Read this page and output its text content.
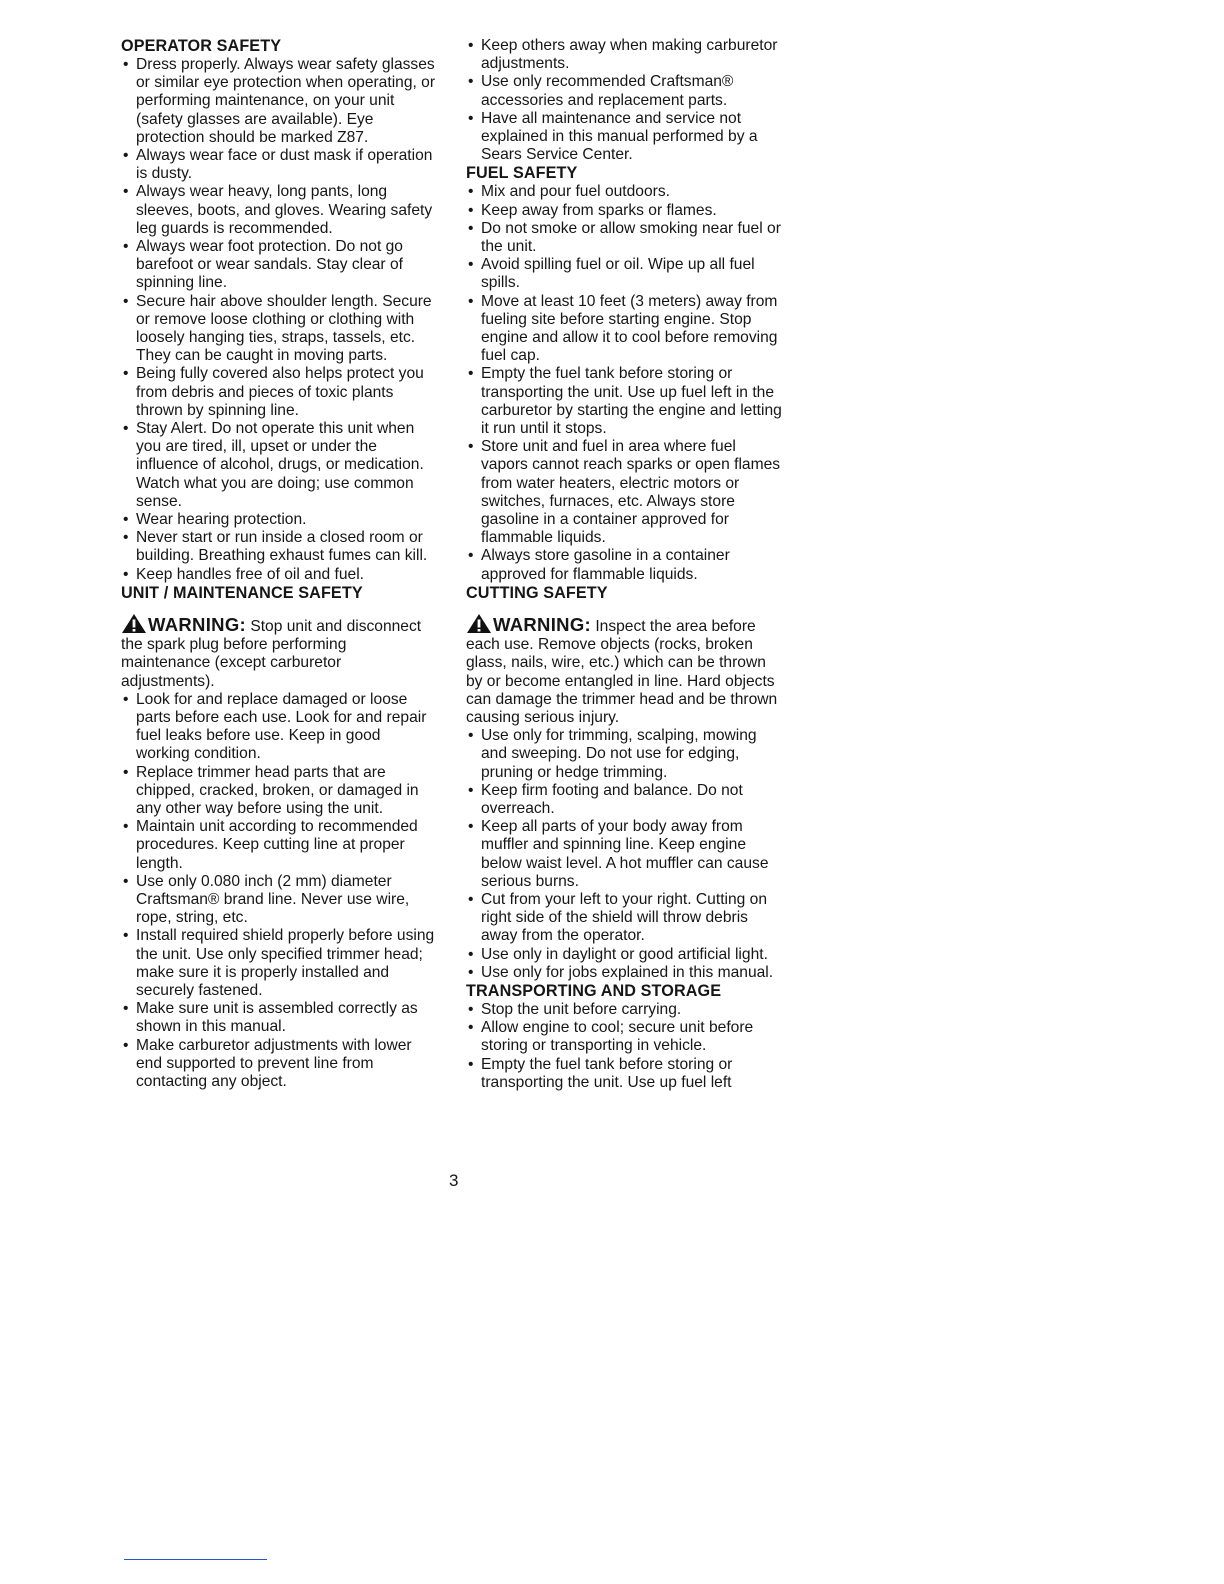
OPERATOR SAFETY
• Dress properly. Always wear safety glasses or similar eye protection when operating, or performing maintenance, on your unit (safety glasses are available). Eye protection should be marked Z87.
• Always wear face or dust mask if operation is dusty.
• Always wear heavy, long pants, long sleeves, boots, and gloves. Wearing safety leg guards is recommended.
• Always wear foot protection. Do not go barefoot or wear sandals. Stay clear of spinning line.
• Secure hair above shoulder length. Secure or remove loose clothing or clothing with loosely hanging ties, straps, tassels, etc. They can be caught in moving parts.
• Being fully covered also helps protect you from debris and pieces of toxic plants thrown by spinning line.
• Stay Alert. Do not operate this unit when you are tired, ill, upset or under the influence of alcohol, drugs, or medication. Watch what you are doing; use common sense.
• Wear hearing protection.
• Never start or run inside a closed room or building. Breathing exhaust fumes can kill.
• Keep handles free of oil and fuel.
UNIT / MAINTENANCE SAFETY
WARNING: Stop unit and disconnect the spark plug before performing maintenance (except carburetor adjustments).
• Look for and replace damaged or loose parts before each use. Look for and repair fuel leaks before use. Keep in good working condition.
• Replace trimmer head parts that are chipped, cracked, broken, or damaged in any other way before using the unit.
• Maintain unit according to recommended procedures. Keep cutting line at proper length.
• Use only 0.080 inch (2 mm) diameter Craftsman® brand line. Never use wire, rope, string, etc.
• Install required shield properly before using the unit. Use only specified trimmer head; make sure it is properly installed and securely fastened.
• Make sure unit is assembled correctly as shown in this manual.
• Make carburetor adjustments with lower end supported to prevent line from contacting any object.
• Keep others away when making carburetor adjustments.
• Use only recommended Craftsman® accessories and replacement parts.
• Have all maintenance and service not explained in this manual performed by a Sears Service Center.
FUEL SAFETY
• Mix and pour fuel outdoors.
• Keep away from sparks or flames.
• Do not smoke or allow smoking near fuel or the unit.
• Avoid spilling fuel or oil. Wipe up all fuel spills.
• Move at least 10 feet (3 meters) away from fueling site before starting engine. Stop engine and allow it to cool before removing fuel cap.
• Empty the fuel tank before storing or transporting the unit. Use up fuel left in the carburetor by starting the engine and letting it run until it stops.
• Store unit and fuel in area where fuel vapors cannot reach sparks or open flames from water heaters, electric motors or switches, furnaces, etc. Always store gasoline in a container approved for flammable liquids.
• Always store gasoline in a container approved for flammable liquids.
CUTTING SAFETY
WARNING: Inspect the area before each use. Remove objects (rocks, broken glass, nails, wire, etc.) which can be thrown by or become entangled in line. Hard objects can damage the trimmer head and be thrown causing serious injury.
• Use only for trimming, scalping, mowing and sweeping. Do not use for edging, pruning or hedge trimming.
• Keep firm footing and balance. Do not overreach.
• Keep all parts of your body away from muffler and spinning line. Keep engine below waist level. A hot muffler can cause serious burns.
• Cut from your left to your right. Cutting on right side of the shield will throw debris away from the operator.
• Use only in daylight or good artificial light.
• Use only for jobs explained in this manual.
TRANSPORTING AND STORAGE
• Stop the unit before carrying.
• Allow engine to cool; secure unit before storing or transporting in vehicle.
• Empty the fuel tank before storing or transporting the unit. Use up fuel left
3
